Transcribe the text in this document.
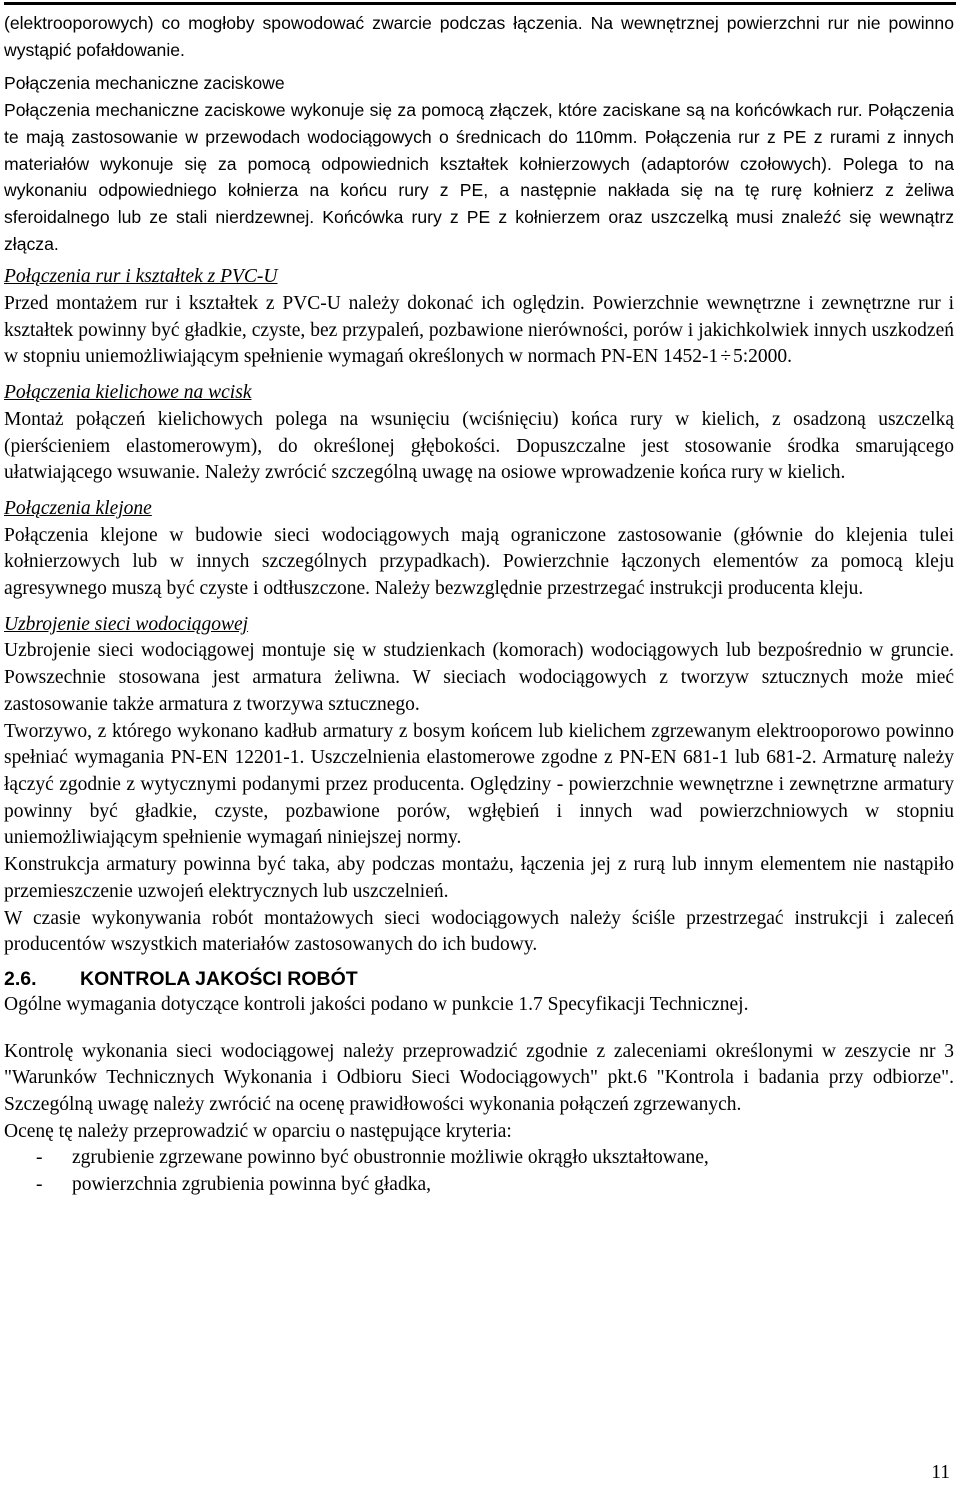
(elektrooporowych) co mogłoby spowodować zwarcie podczas łączenia. Na wewnętrznej powierzchni rur nie powinno wystąpić pofałdowanie.

Połączenia mechaniczne zaciskowe

Połączenia mechaniczne zaciskowe wykonuje się za pomocą złączek, które zaciskane są na końcówkach rur. Połączenia te mają zastosowanie w przewodach wodociągowych o średnicach do 110mm. Połączenia rur z PE z rurami z innych materiałów wykonuje się za pomocą odpowiednich kształtek kołnierzowych (adaptorów czołowych). Polega to na wykonaniu odpowiedniego kołnierza na końcu rury z PE, a następnie nakłada się na tę rurę kołnierz z żeliwa sferoidalnego lub ze stali nierdzewnej. Końcówka rury z PE z kołnierzem oraz uszczelką musi znaleźć się wewnątrz złącza.

Połączenia rur i kształtek z PVC-U

Przed montażem rur i kształtek z PVC-U należy dokonać ich oględzin. Powierzchnie wewnętrzne i zewnętrzne rur i kształtek powinny być gładkie, czyste, bez przypaleń, pozbawione nierówności, porów i jakichkolwiek innych uszkodzeń w stopniu uniemożliwiającym spełnienie wymagań określonych w normach PN-EN 1452-1 ÷ 5:2000.

Połączenia kielichowe na wcisk

Montaż połączeń kielichowych polega na wsunięciu (wciśnięciu) końca rury w kielich, z osadzoną uszczelką (pierścieniem elastomerowym), do określonej głębokości. Dopuszczalne jest stosowanie środka smarującego ułatwiającego wsuwanie. Należy zwrócić szczególną uwagę na osiowe wprowadzenie końca rury w kielich.

Połączenia klejone

Połączenia klejone w budowie sieci wodociągowych mają ograniczone zastosowanie (głównie do klejenia tulei kołnierzowych lub w innych szczególnych przypadkach). Powierzchnie łączonych elementów za pomocą kleju agresywnego muszą być czyste i odtłuszczone. Należy bezwzględnie przestrzegać instrukcji producenta kleju.

Uzbrojenie sieci wodociągowej

Uzbrojenie sieci wodociągowej montuje się w studzienkach (komorach) wodociągowych lub bezpośrednio w gruncie. Powszechnie stosowana jest armatura żeliwna. W sieciach wodociągowych z tworzyw sztucznych może mieć zastosowanie także armatura z tworzywa sztucznego.

Tworzywo, z którego wykonano kadłub armatury z bosym końcem lub kielichem zgrzewanym elektrooporowo powinno spełniać wymagania PN-EN 12201-1. Uszczelnienia elastomerowe zgodne z PN-EN 681-1 lub 681-2. Armaturę należy łączyć zgodnie z wytycznymi podanymi przez producenta. Oględziny - powierzchnie wewnętrzne i zewnętrzne armatury powinny być gładkie, czyste, pozbawione porów, wgłębień i innych wad powierzchniowych w stopniu uniemożliwiającym spełnienie wymagań niniejszej normy.

Konstrukcja armatury powinna być taka, aby podczas montażu, łączenia jej z rurą lub innym elementem nie nastąpiło przemieszczenie uzwojeń elektrycznych lub uszczelnień.

W czasie wykonywania robót montażowych sieci wodociągowych należy ściśle przestrzegać instrukcji i zaleceń producentów wszystkich materiałów zastosowanych do ich budowy.

2.6. KONTROLA JAKOŚCI ROBÓT

Ogólne wymagania dotyczące kontroli jakości podano w punkcie 1.7 Specyfikacji Technicznej.

Kontrolę wykonania sieci wodociągowej należy przeprowadzić zgodnie z zaleceniami określonymi w zeszycie nr 3 "Warunków Technicznych Wykonania i Odbioru Sieci Wodociągowych" pkt.6 "Kontrola i badania przy odbiorze". Szczególną uwagę należy zwrócić na ocenę prawidłowości wykonania połączeń zgrzewanych.

Ocenę tę należy przeprowadzić w oparciu o następujące kryteria:

-	zgrubienie zgrzewane powinno być obustronnie możliwie okrągło ukształtowane,

-	powierzchnia zgrubienia powinna być gładka,

11
